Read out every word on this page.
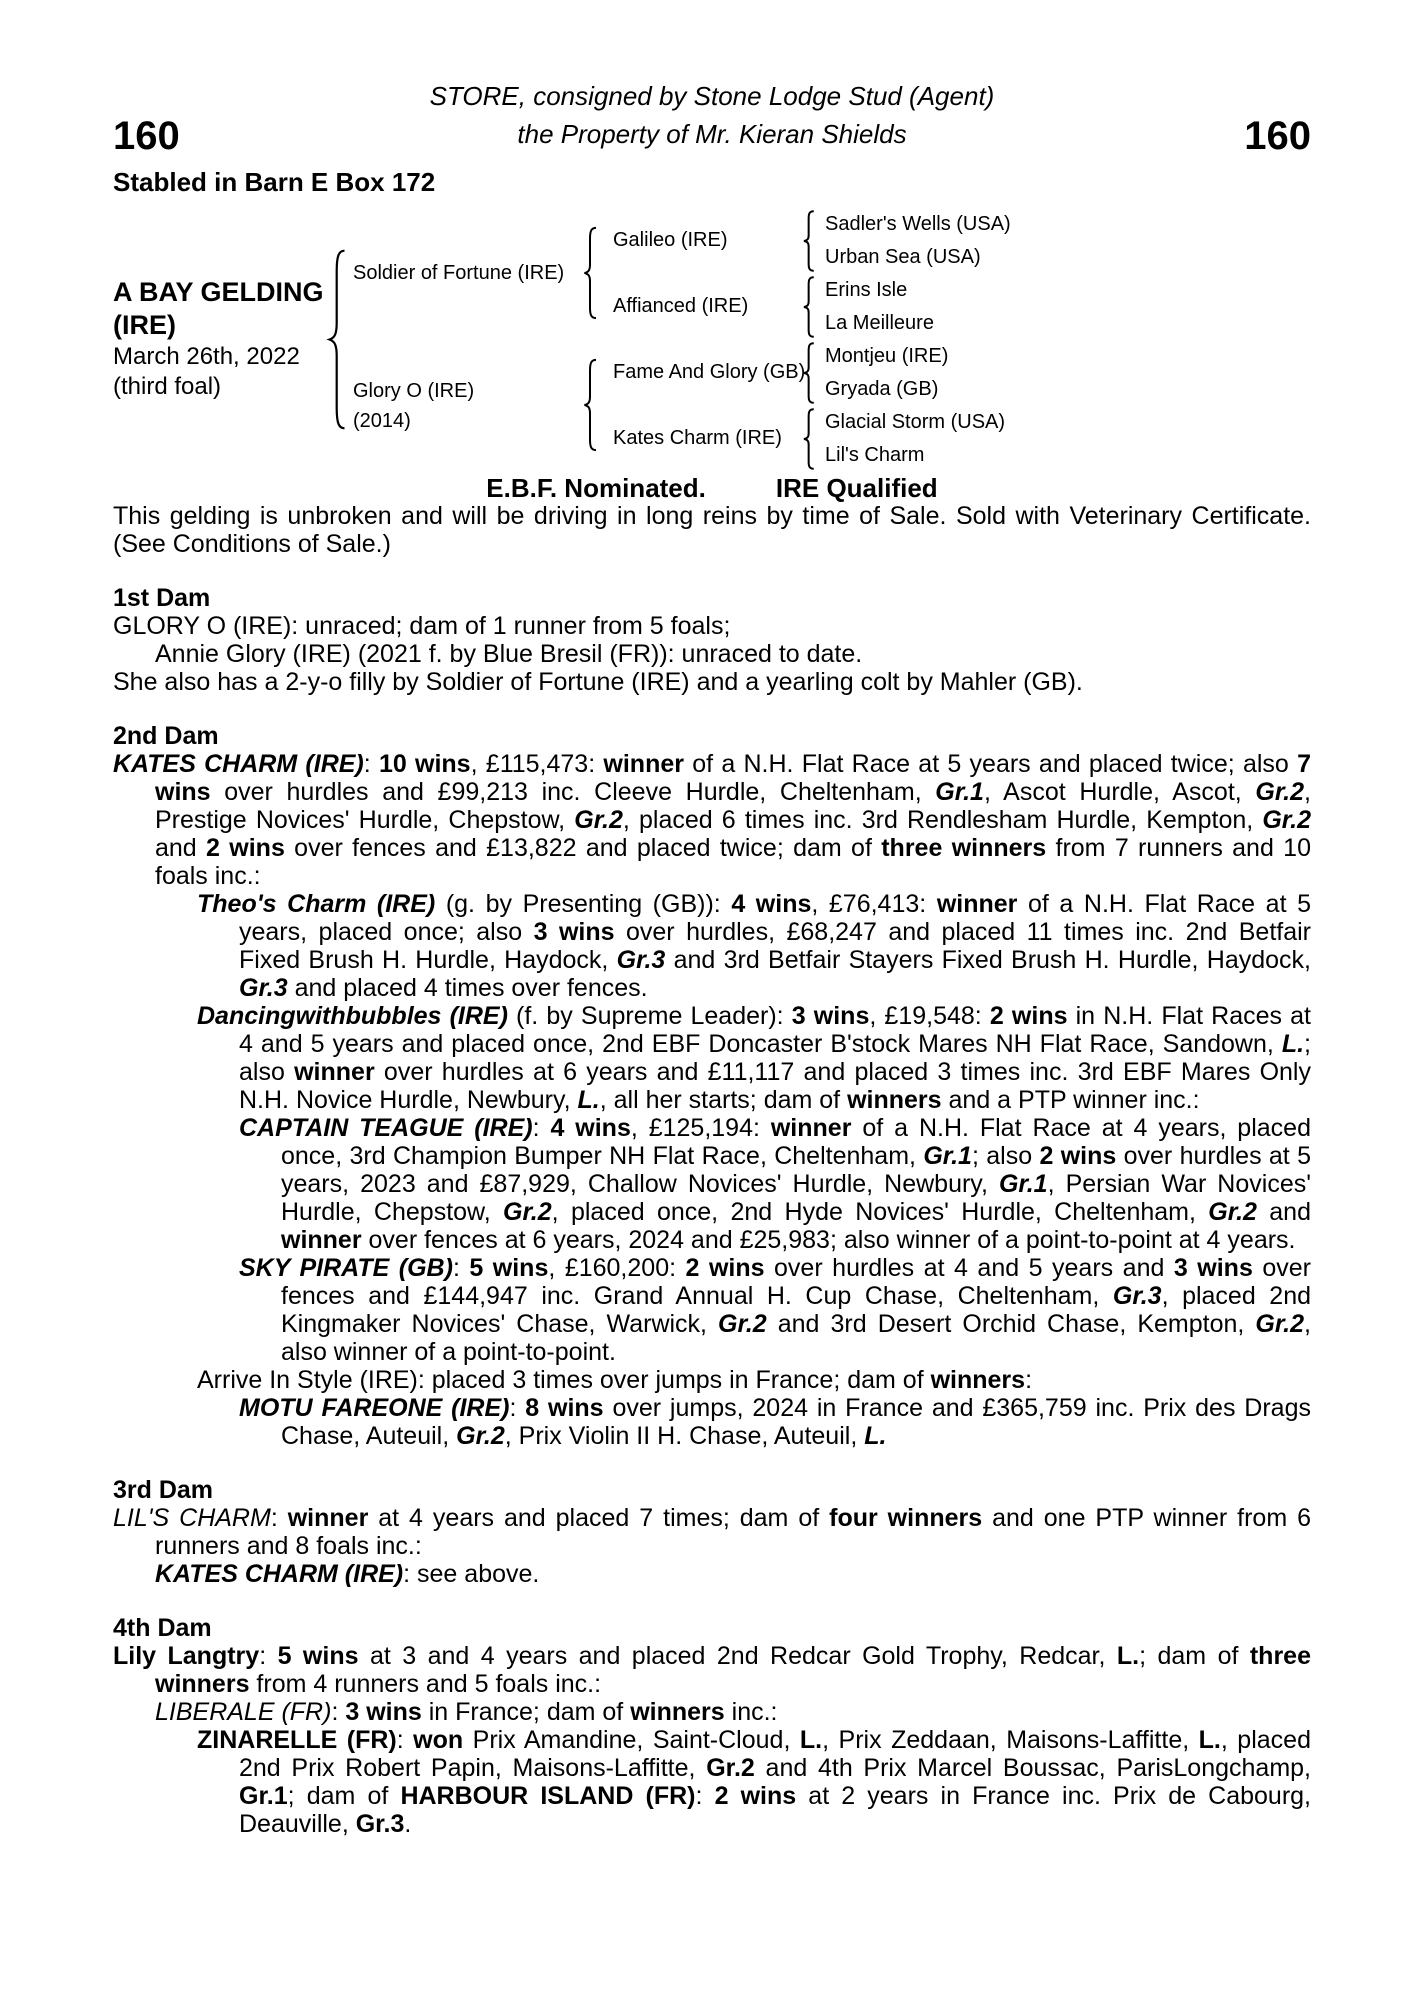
STORE, consigned by Stone Lodge Stud (Agent)
160	the Property of Mr. Kieran Shields	160
Stabled in Barn E Box 172
A BAY GELDING
(IRE)
March 26th, 2022
(third foal)
Soldier of Fortune (IRE)
Glory O (IRE)
(2014)
Galileo (IRE)
Affianced (IRE)
Fame And Glory (GB)
Kates Charm (IRE)
Sadler's Wells (USA)
Urban Sea (USA)
Erins Isle
La Meilleure
Montjeu (IRE)
Gryada (GB)
Glacial Storm (USA)
Lil's Charm
E.B.F. Nominated.	IRE Qualified

This gelding is unbroken and will be driving in long reins by time of Sale. Sold with Veterinary Certificate. (See Conditions of Sale.)

1st Dam

GLORY O (IRE): unraced; dam of 1 runner from 5 foals;

Annie Glory (IRE) (2021 f. by Blue Bresil (FR)): unraced to date.

She also has a 2-y-o filly by Soldier of Fortune (IRE) and a yearling colt by Mahler (GB).

2nd Dam

KATES CHARM (IRE): 10 wins, £115,473: winner of a N.H. Flat Race at 5 years and placed twice; also 7 wins over hurdles and £99,213 inc. Cleeve Hurdle, Cheltenham, Gr.1, Ascot Hurdle, Ascot, Gr.2, Prestige Novices' Hurdle, Chepstow, Gr.2, placed 6 times inc. 3rd Rendlesham Hurdle, Kempton, Gr.2 and 2 wins over fences and £13,822 and placed twice; dam of three winners from 7 runners and 10 foals inc.:

Theo's Charm (IRE) (g. by Presenting (GB)): 4 wins, £76,413: winner of a N.H. Flat Race at 5 years, placed once; also 3 wins over hurdles, £68,247 and placed 11 times inc. 2nd Betfair Fixed Brush H. Hurdle, Haydock, Gr.3 and 3rd Betfair Stayers Fixed Brush H. Hurdle, Haydock, Gr.3 and placed 4 times over fences.

Dancingwithbubbles (IRE) (f. by Supreme Leader): 3 wins, £19,548: 2 wins in N.H. Flat Races at 4 and 5 years and placed once, 2nd EBF Doncaster B'stock Mares NH Flat Race, Sandown, L.; also winner over hurdles at 6 years and £11,117 and placed 3 times inc. 3rd EBF Mares Only N.H. Novice Hurdle, Newbury, L., all her starts; dam of winners and a PTP winner inc.:

CAPTAIN TEAGUE (IRE): 4 wins, £125,194: winner of a N.H. Flat Race at 4 years, placed once, 3rd Champion Bumper NH Flat Race, Cheltenham, Gr.1; also 2 wins over hurdles at 5 years, 2023 and £87,929, Challow Novices' Hurdle, Newbury, Gr.1, Persian War Novices' Hurdle, Chepstow, Gr.2, placed once, 2nd Hyde Novices' Hurdle, Cheltenham, Gr.2 and winner over fences at 6 years, 2024 and £25,983; also winner of a point-to-point at 4 years.

SKY PIRATE (GB): 5 wins, £160,200: 2 wins over hurdles at 4 and 5 years and 3 wins over fences and £144,947 inc. Grand Annual H. Cup Chase, Cheltenham, Gr.3, placed 2nd Kingmaker Novices' Chase, Warwick, Gr.2 and 3rd Desert Orchid Chase, Kempton, Gr.2, also winner of a point-to-point.

Arrive In Style (IRE): placed 3 times over jumps in France; dam of winners:

MOTU FAREONE (IRE): 8 wins over jumps, 2024 in France and £365,759 inc. Prix des Drags Chase, Auteuil, Gr.2, Prix Violin II H. Chase, Auteuil, L.

3rd Dam

LIL'S CHARM: winner at 4 years and placed 7 times; dam of four winners and one PTP winner from 6 runners and 8 foals inc.:

KATES CHARM (IRE): see above.

4th Dam

Lily Langtry: 5 wins at 3 and 4 years and placed 2nd Redcar Gold Trophy, Redcar, L.; dam of three winners from 4 runners and 5 foals inc.:

LIBERALE (FR): 3 wins in France; dam of winners inc.:

ZINARELLE (FR): won Prix Amandine, Saint-Cloud, L., Prix Zeddaan, Maisons-Laffitte, L., placed 2nd Prix Robert Papin, Maisons-Laffitte, Gr.2 and 4th Prix Marcel Boussac, ParisLongchamp, Gr.1; dam of HARBOUR ISLAND (FR): 2 wins at 2 years in France inc. Prix de Cabourg, Deauville, Gr.3.
